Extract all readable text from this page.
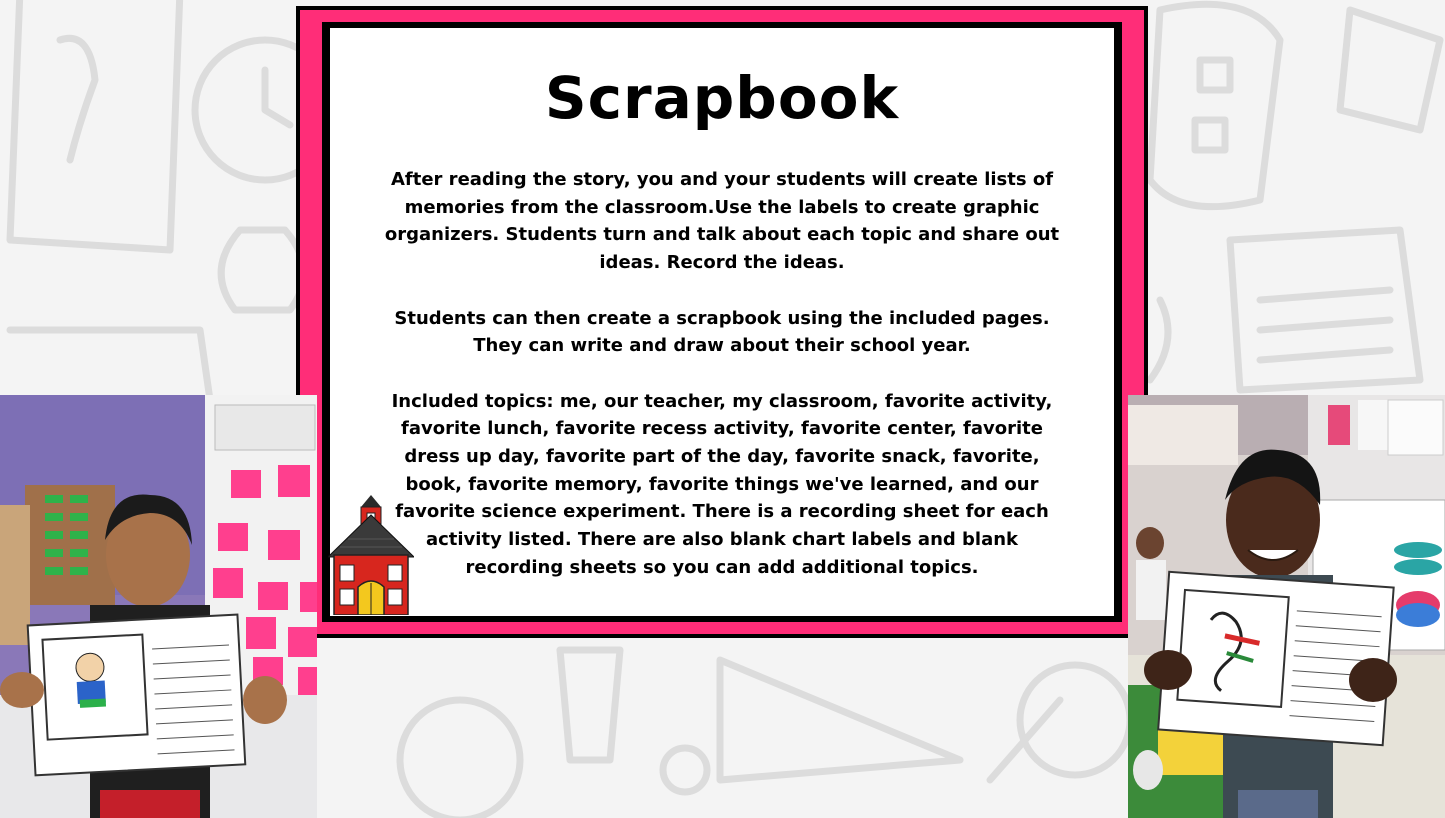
Scrapbook

After reading the story, you and your students will create lists of memories from the classroom.Use the labels to create graphic organizers. Students turn and talk about each topic and share out ideas. Record the ideas.

Students can then create a scrapbook using the included pages. They can write and draw about their school year.

Included topics: me, our teacher, my classroom, favorite activity, favorite lunch, favorite recess activity, favorite center, favorite dress up day, favorite part of the day, favorite snack, favorite, book, favorite memory, favorite things we've learned, and our favorite science experiment. There is a recording sheet for each activity listed. There are also blank chart labels and blank recording sheets so you can add additional topics.
